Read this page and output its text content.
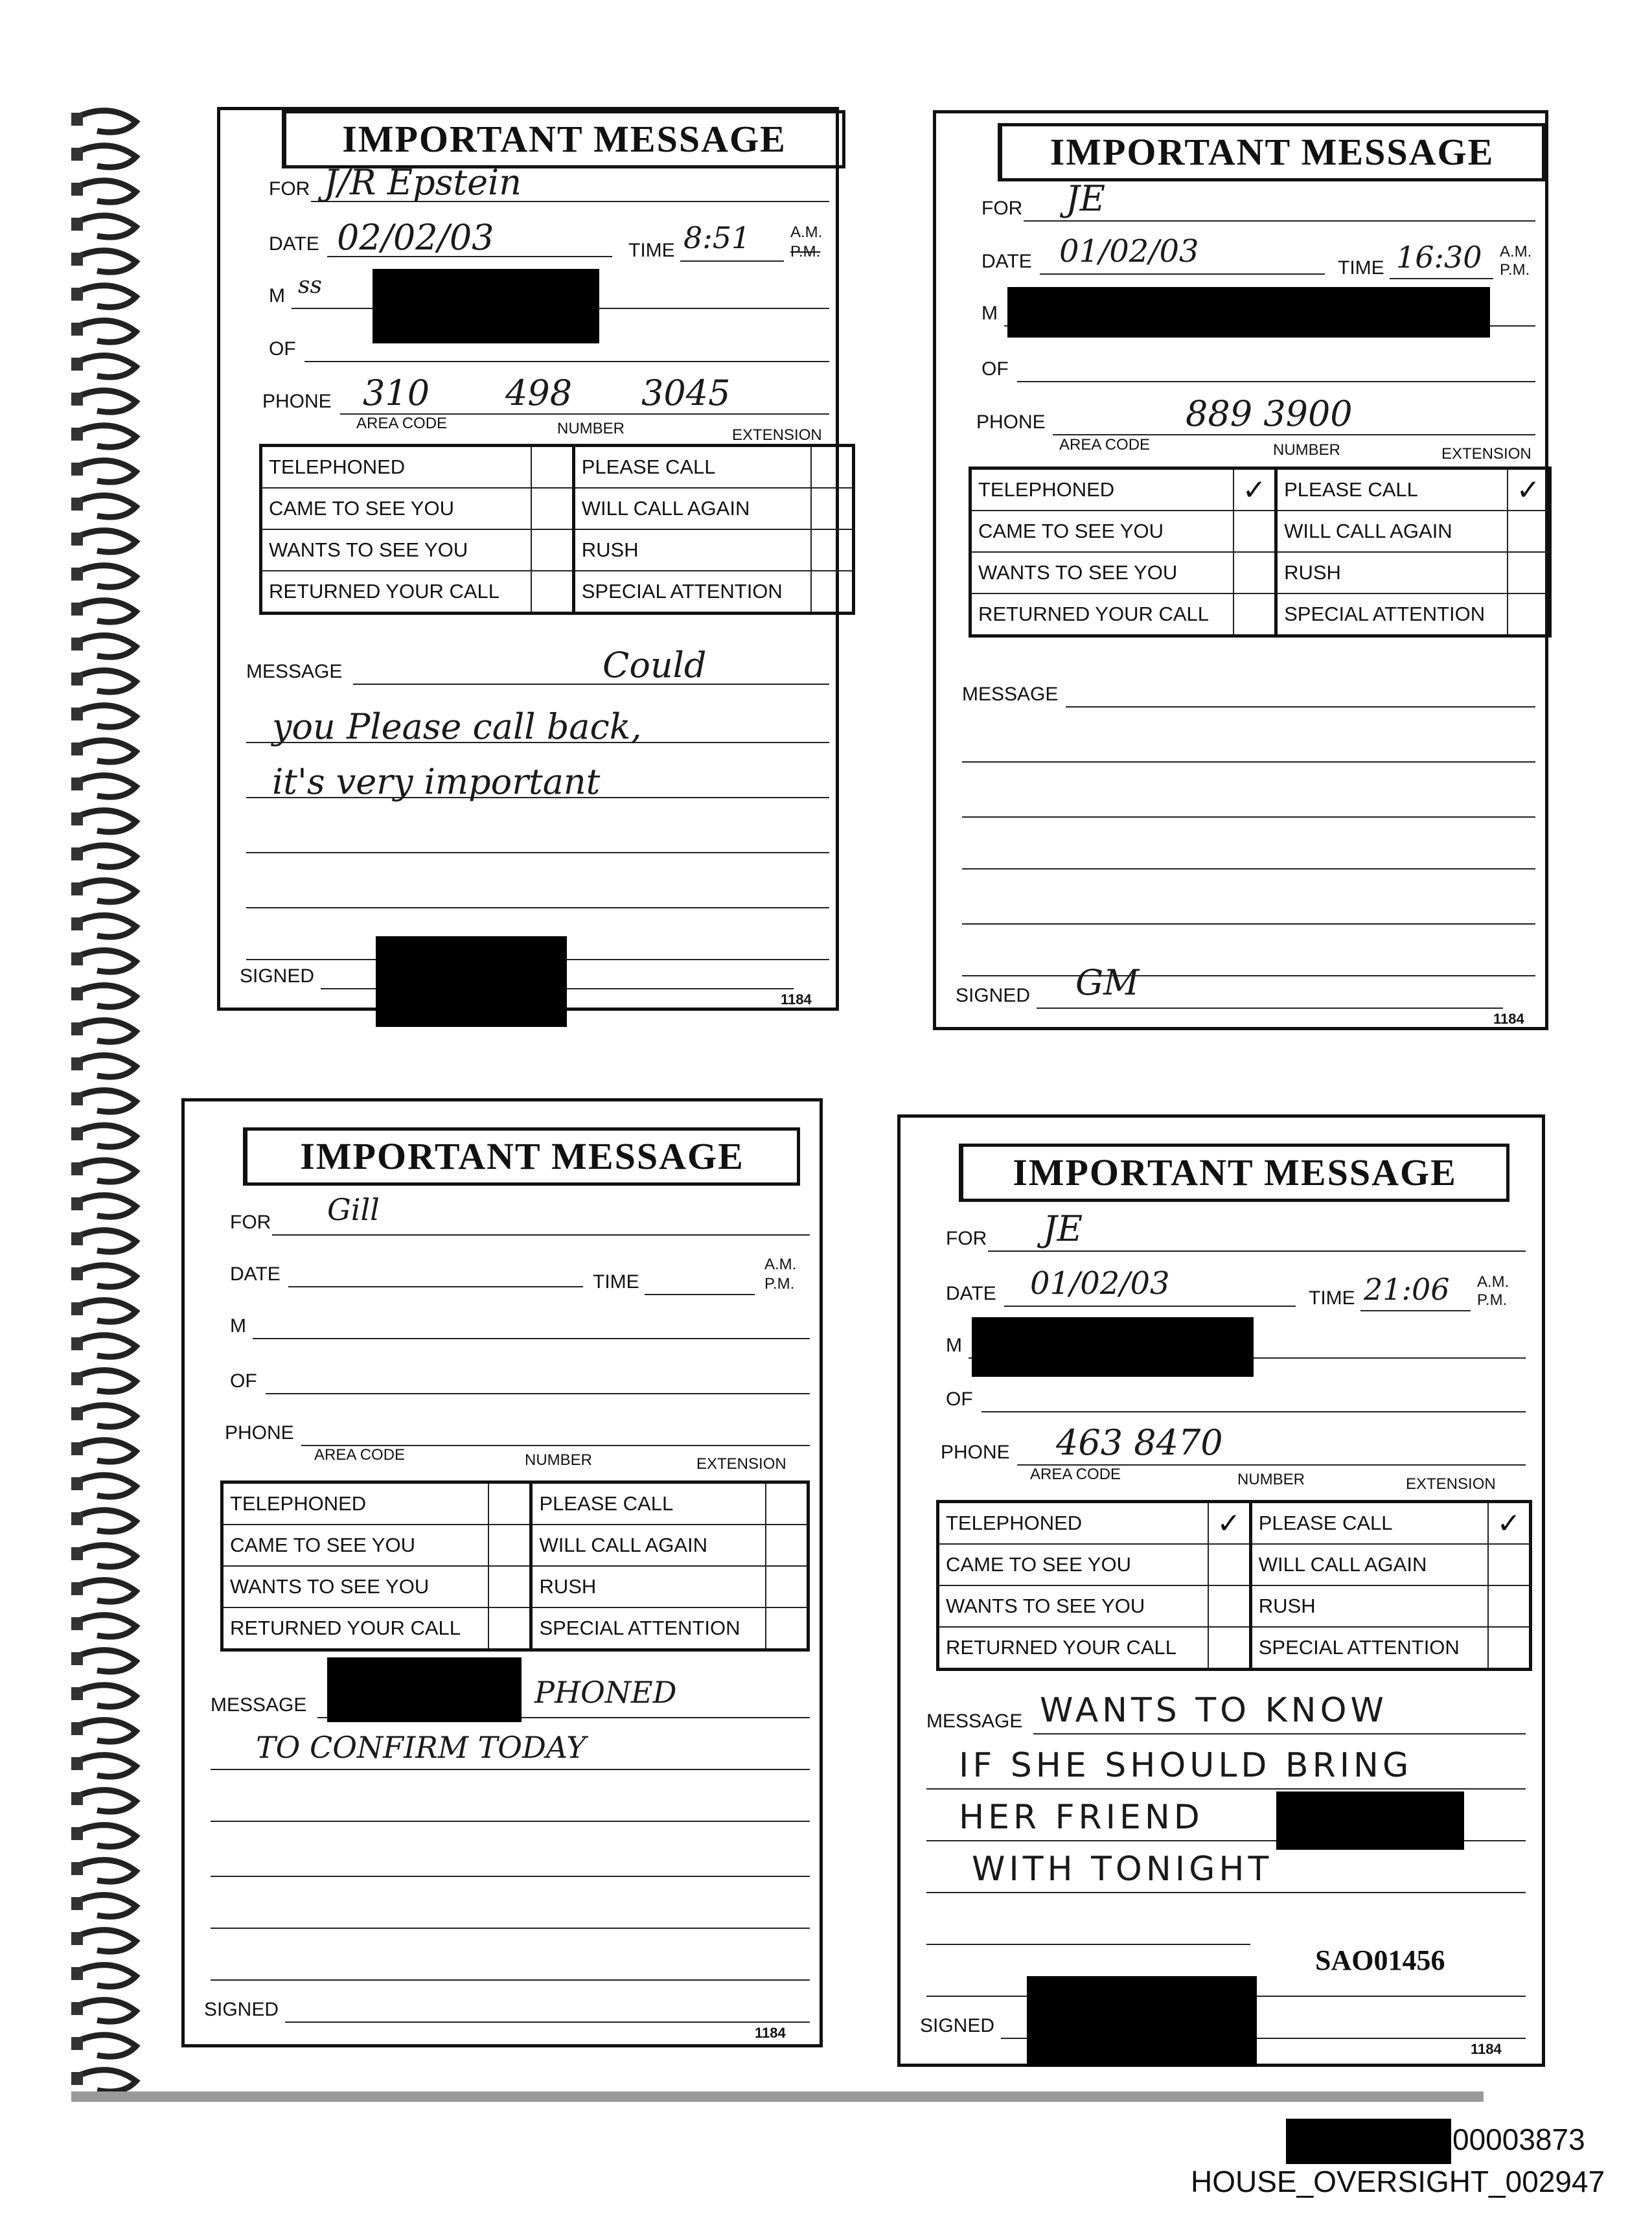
IMPORTANT MESSAGE
FOR J/R Epstein
DATE 02/02/03	TIME 8:51	A.M.
P.M.
M ss
OF
PHONE 310 498 3045
AREA CODE	NUMBER	EXTENSION
TELEPHONED		PLEASE CALL	
CAME TO SEE YOU		WILL CALL AGAIN	
WANTS TO SEE YOU		RUSH	
RETURNED YOUR CALL		SPECIAL ATTENTION	
MESSAGE	Could
you Please call back,
it's very important
SIGNED
1184
IMPORTANT MESSAGE
FOR JE
DATE 01/02/03	TIME 16:30 A.M.
P.M.
M
OF
PHONE	889 3900
AREA CODE	NUMBER	EXTENSION
TELEPHONED	✓	PLEASE CALL	✓
CAME TO SEE YOU		WILL CALL AGAIN	
WANTS TO SEE YOU		RUSH	
RETURNED YOUR CALL		SPECIAL ATTENTION	
MESSAGE
SIGNED GM
1184
IMPORTANT MESSAGE
FOR Gill
DATE	TIME
A.M.
P.M.
M
OF
PHONE
AREA CODE	NUMBER	EXTENSION
TELEPHONED		PLEASE CALL	
CAME TO SEE YOU		WILL CALL AGAIN	
WANTS TO SEE YOU		RUSH	
RETURNED YOUR CALL		SPECIAL ATTENTION	
MESSAGE	PHONED
TO CONFIRM TODAY
SIGNED
1184
IMPORTANT MESSAGE
FOR JE
DATE 01/02/03	TIME 21:06 A.M.
P.M.
M
OF
PHONE 463 8470
AREA CODE	NUMBER	EXTENSION
TELEPHONED	✓	PLEASE CALL	✓
CAME TO SEE YOU		WILL CALL AGAIN	
WANTS TO SEE YOU		RUSH	
RETURNED YOUR CALL		SPECIAL ATTENTION	
MESSAGE WANTS TO KNOW
IF SHE SHOULD BRING
HER FRIEND
WITH TONIGHT
SIGNED
1184
SAO01456
00003873
HOUSE_OVERSIGHT_002947
